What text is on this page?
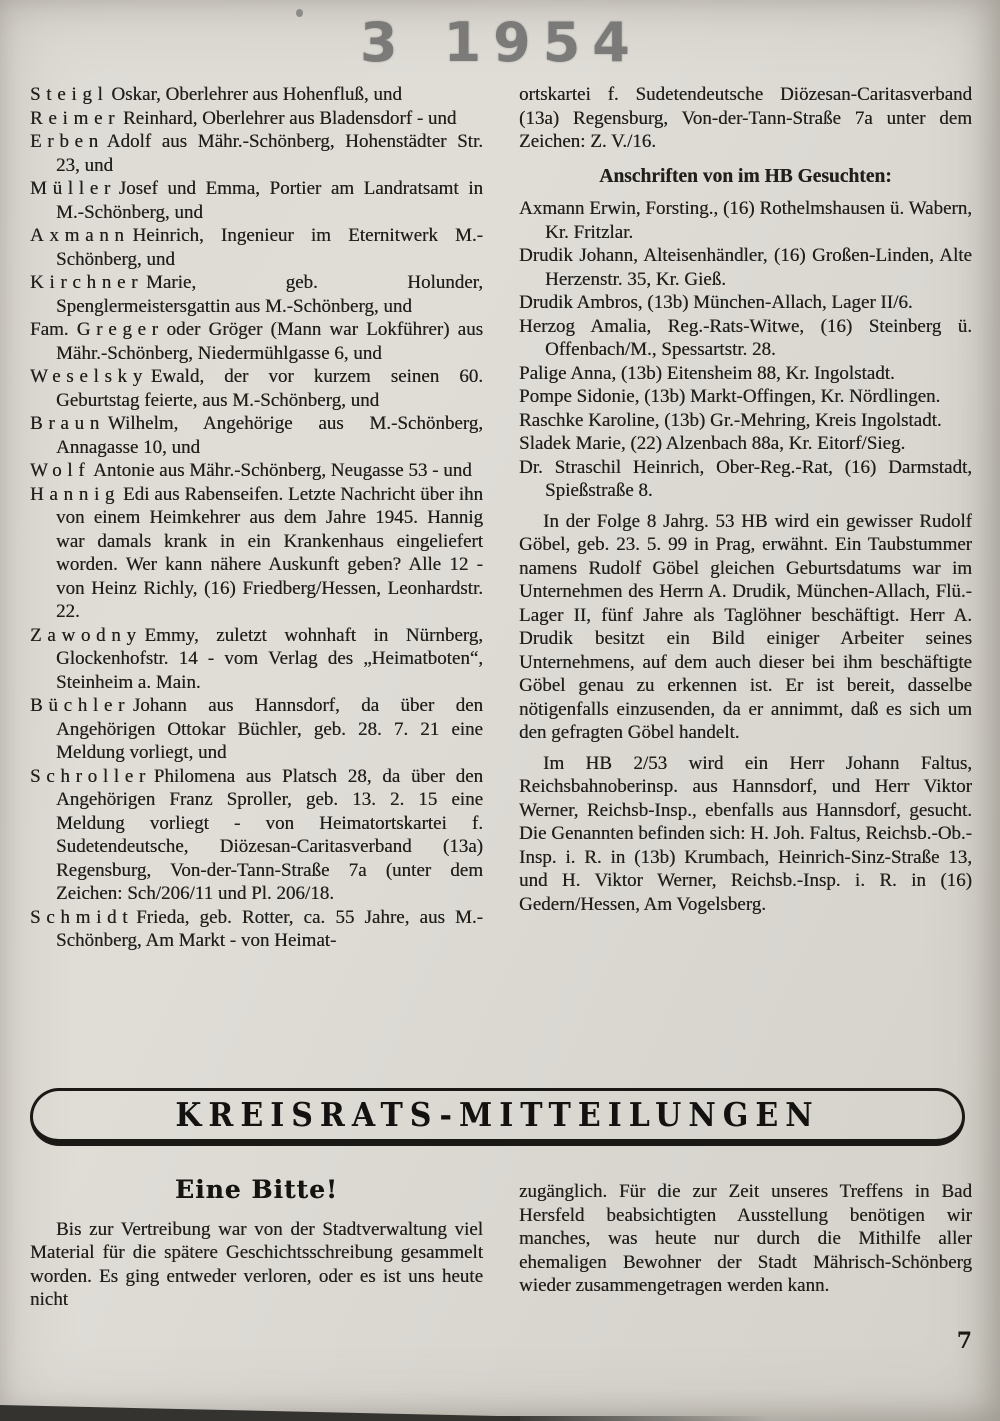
3 1954

Steigl Oskar, Oberlehrer aus Hohenfluß, und

Reimer Reinhard, Oberlehrer aus Bladensdorf - und

Erben Adolf aus Mähr.-Schönberg, Hohenstädter Str. 23, und

Müller Josef und Emma, Portier am Landratsamt in M.-Schönberg, und

Axmann Heinrich, Ingenieur im Eternitwerk M.-Schönberg, und

Kirchner Marie, geb. Holunder, Spenglermeistersgattin aus M.-Schönberg, und

Fam. Greger oder Gröger (Mann war Lokführer) aus Mähr.-Schönberg, Niedermühlgasse 6, und

Weselsky Ewald, der vor kurzem seinen 60. Geburtstag feierte, aus M.-Schönberg, und

Braun Wilhelm, Angehörige aus M.-Schönberg, Annagasse 10, und

Wolf Antonie aus Mähr.-Schönberg, Neugasse 53 - und

Hannig Edi aus Rabenseifen. Letzte Nachricht über ihn von einem Heimkehrer aus dem Jahre 1945. Hannig war damals krank in ein Krankenhaus eingeliefert worden. Wer kann nähere Auskunft geben? Alle 12 - von Heinz Richly, (16) Friedberg/Hessen, Leonhardstr. 22.

Zawodny Emmy, zuletzt wohnhaft in Nürnberg, Glockenhofstr. 14 - vom Verlag des „Heimatboten“, Steinheim a. Main.

Büchler Johann aus Hannsdorf, da über den Angehörigen Ottokar Büchler, geb. 28. 7. 21 eine Meldung vorliegt, und

Schroller Philomena aus Platsch 28, da über den Angehörigen Franz Sproller, geb. 13. 2. 15 eine Meldung vorliegt - von Heimatortskartei f. Sudetendeutsche, Diözesan-Caritasverband (13a) Regensburg, Von-der-Tann-Straße 7a (unter dem Zeichen: Sch/206/11 und Pl. 206/18.

Schmidt Frieda, geb. Rotter, ca. 55 Jahre, aus M.-Schönberg, Am Markt - von Heimat-

ortskartei f. Sudetendeutsche Diözesan-Caritasverband (13a) Regensburg, Von-der-Tann-Straße 7a unter dem Zeichen: Z. V./16.

Anschriften von im HB Gesuchten:

Axmann Erwin, Forsting., (16) Rothelmshausen ü. Wabern, Kr. Fritzlar.

Drudik Johann, Alteisenhändler, (16) Großen-Linden, Alte Herzenstr. 35, Kr. Gieß.

Drudik Ambros, (13b) München-Allach, Lager II/6.

Herzog Amalia, Reg.-Rats-Witwe, (16) Steinberg ü. Offenbach/M., Spessartstr. 28.

Palige Anna, (13b) Eitensheim 88, Kr. Ingolstadt.

Pompe Sidonie, (13b) Markt-Offingen, Kr. Nördlingen.

Raschke Karoline, (13b) Gr.-Mehring, Kreis Ingolstadt.

Sladek Marie, (22) Alzenbach 88a, Kr. Eitorf/Sieg.

Dr. Straschil Heinrich, Ober-Reg.-Rat, (16) Darmstadt, Spießstraße 8.

In der Folge 8 Jahrg. 53 HB wird ein gewisser Rudolf Göbel, geb. 23. 5. 99 in Prag, erwähnt. Ein Taubstummer namens Rudolf Göbel gleichen Geburtsdatums war im Unternehmen des Herrn A. Drudik, München-Allach, Flü.-Lager II, fünf Jahre als Taglöhner beschäftigt. Herr A. Drudik besitzt ein Bild einiger Arbeiter seines Unternehmens, auf dem auch dieser bei ihm beschäftigte Göbel genau zu erkennen ist. Er ist bereit, dasselbe nötigenfalls einzusenden, da er annimmt, daß es sich um den gefragten Göbel handelt.

Im HB 2/53 wird ein Herr Johann Faltus, Reichsbahnoberinsp. aus Hannsdorf, und Herr Viktor Werner, Reichsb-Insp., ebenfalls aus Hannsdorf, gesucht. Die Genannten befinden sich: H. Joh. Faltus, Reichsb.-Ob.-Insp. i. R. in (13b) Krumbach, Heinrich-Sinz-Straße 13, und H. Viktor Werner, Reichsb.-Insp. i. R. in (16) Gedern/Hessen, Am Vogelsberg.

KREISRATS-MITTEILUNGEN

Eine Bitte!

Bis zur Vertreibung war von der Stadtverwaltung viel Material für die spätere Geschichtsschreibung gesammelt worden. Es ging entweder verloren, oder es ist uns heute nicht

zugänglich. Für die zur Zeit unseres Treffens in Bad Hersfeld beabsichtigten Ausstellung benötigen wir manches, was heute nur durch die Mithilfe aller ehemaligen Bewohner der Stadt Mährisch-Schönberg wieder zusammengetragen werden kann.

7
